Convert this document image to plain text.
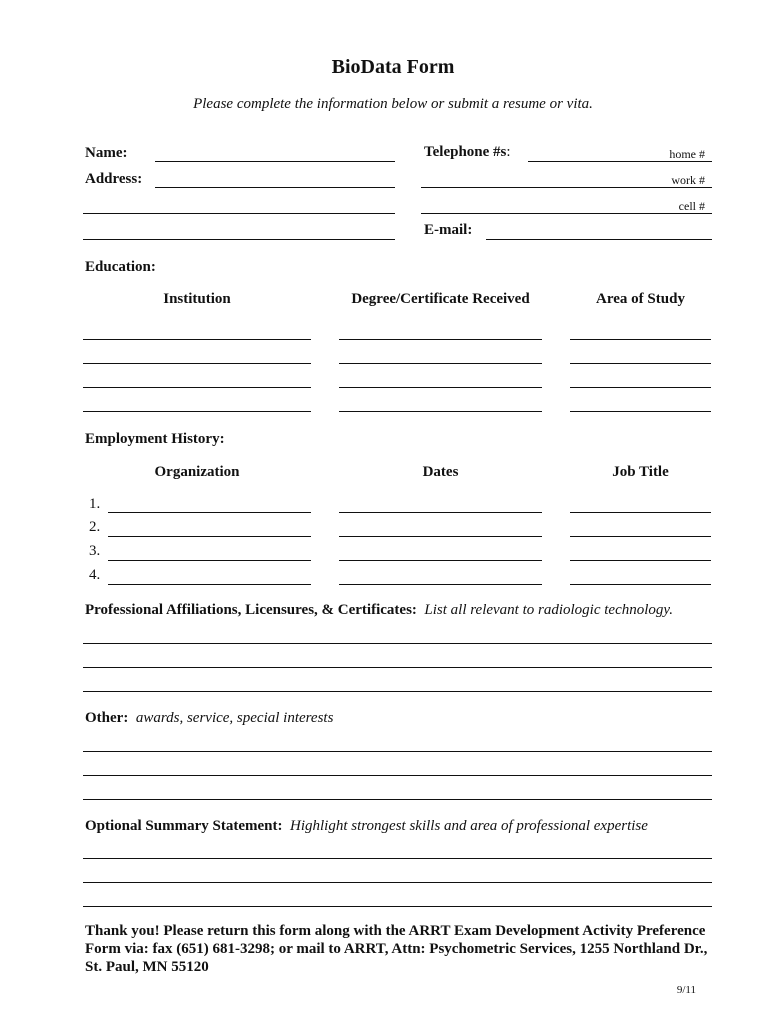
BioData Form
Please complete the information below or submit a resume or vita.
Name:
Address:
Telephone #s:	home #
work #
cell #
E-mail:
Education:
Institution	Degree/Certificate Received	Area of Study
Employment History:
Organization	Dates	Job Title
1.
2.
3.
4.
Professional Affiliations, Licensures, & Certificates: List all relevant to radiologic technology.
Other: awards, service, special interests
Optional Summary Statement: Highlight strongest skills and area of professional expertise
Thank you! Please return this form along with the ARRT Exam Development Activity Preference Form via: fax (651) 681-3298; or mail to ARRT, Attn: Psychometric Services, 1255 Northland Dr., St. Paul, MN 55120
9/11
